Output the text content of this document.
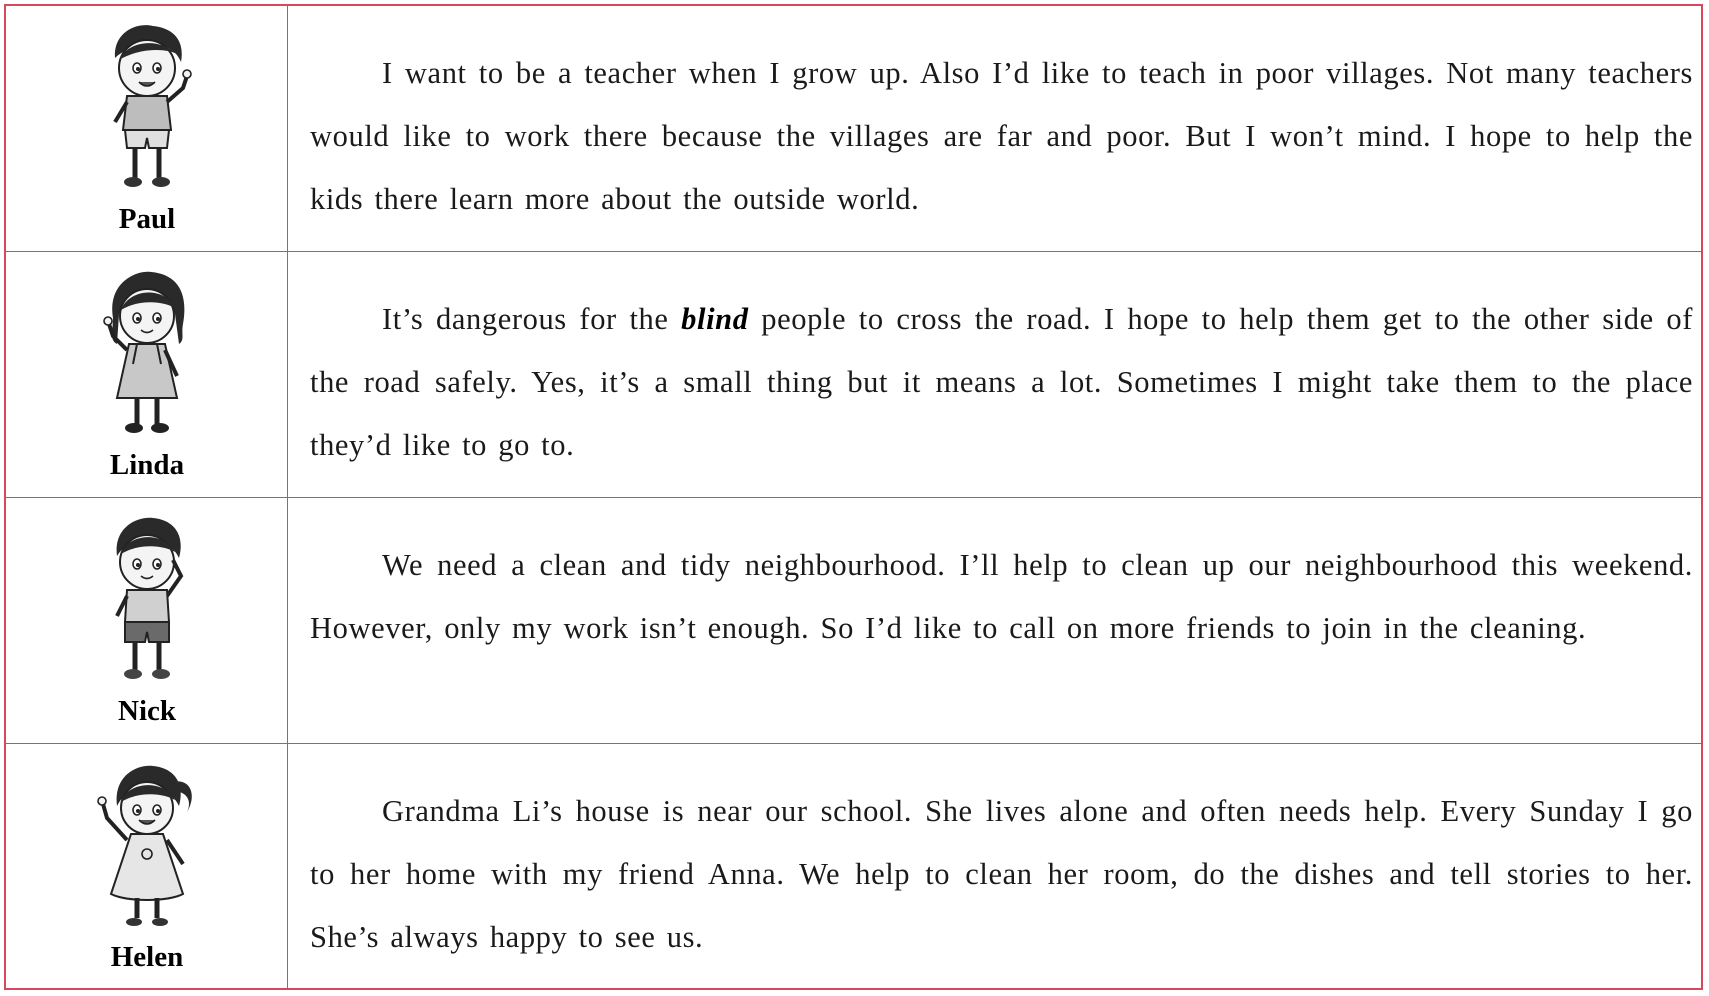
Paul
I want to be a teacher when I grow up. Also I’d like to teach in poor villages. Not many teachers would like to work there because the villages are far and poor. But I won’t mind. I hope to help the kids there learn more about the outside world.
Linda
It’s dangerous for the blind people to cross the road. I hope to help them get to the other side of the road safely. Yes, it’s a small thing but it means a lot. Sometimes I might take them to the place they’d like to go to.
Nick
We need a clean and tidy neighbourhood. I’ll help to clean up our neighbourhood this weekend. However, only my work isn’t enough. So I’d like to call on more friends to join in the cleaning.
Helen
Grandma Li’s house is near our school. She lives alone and often needs help. Every Sunday I go to her home with my friend Anna. We help to clean her room, do the dishes and tell stories to her. She’s always happy to see us.
